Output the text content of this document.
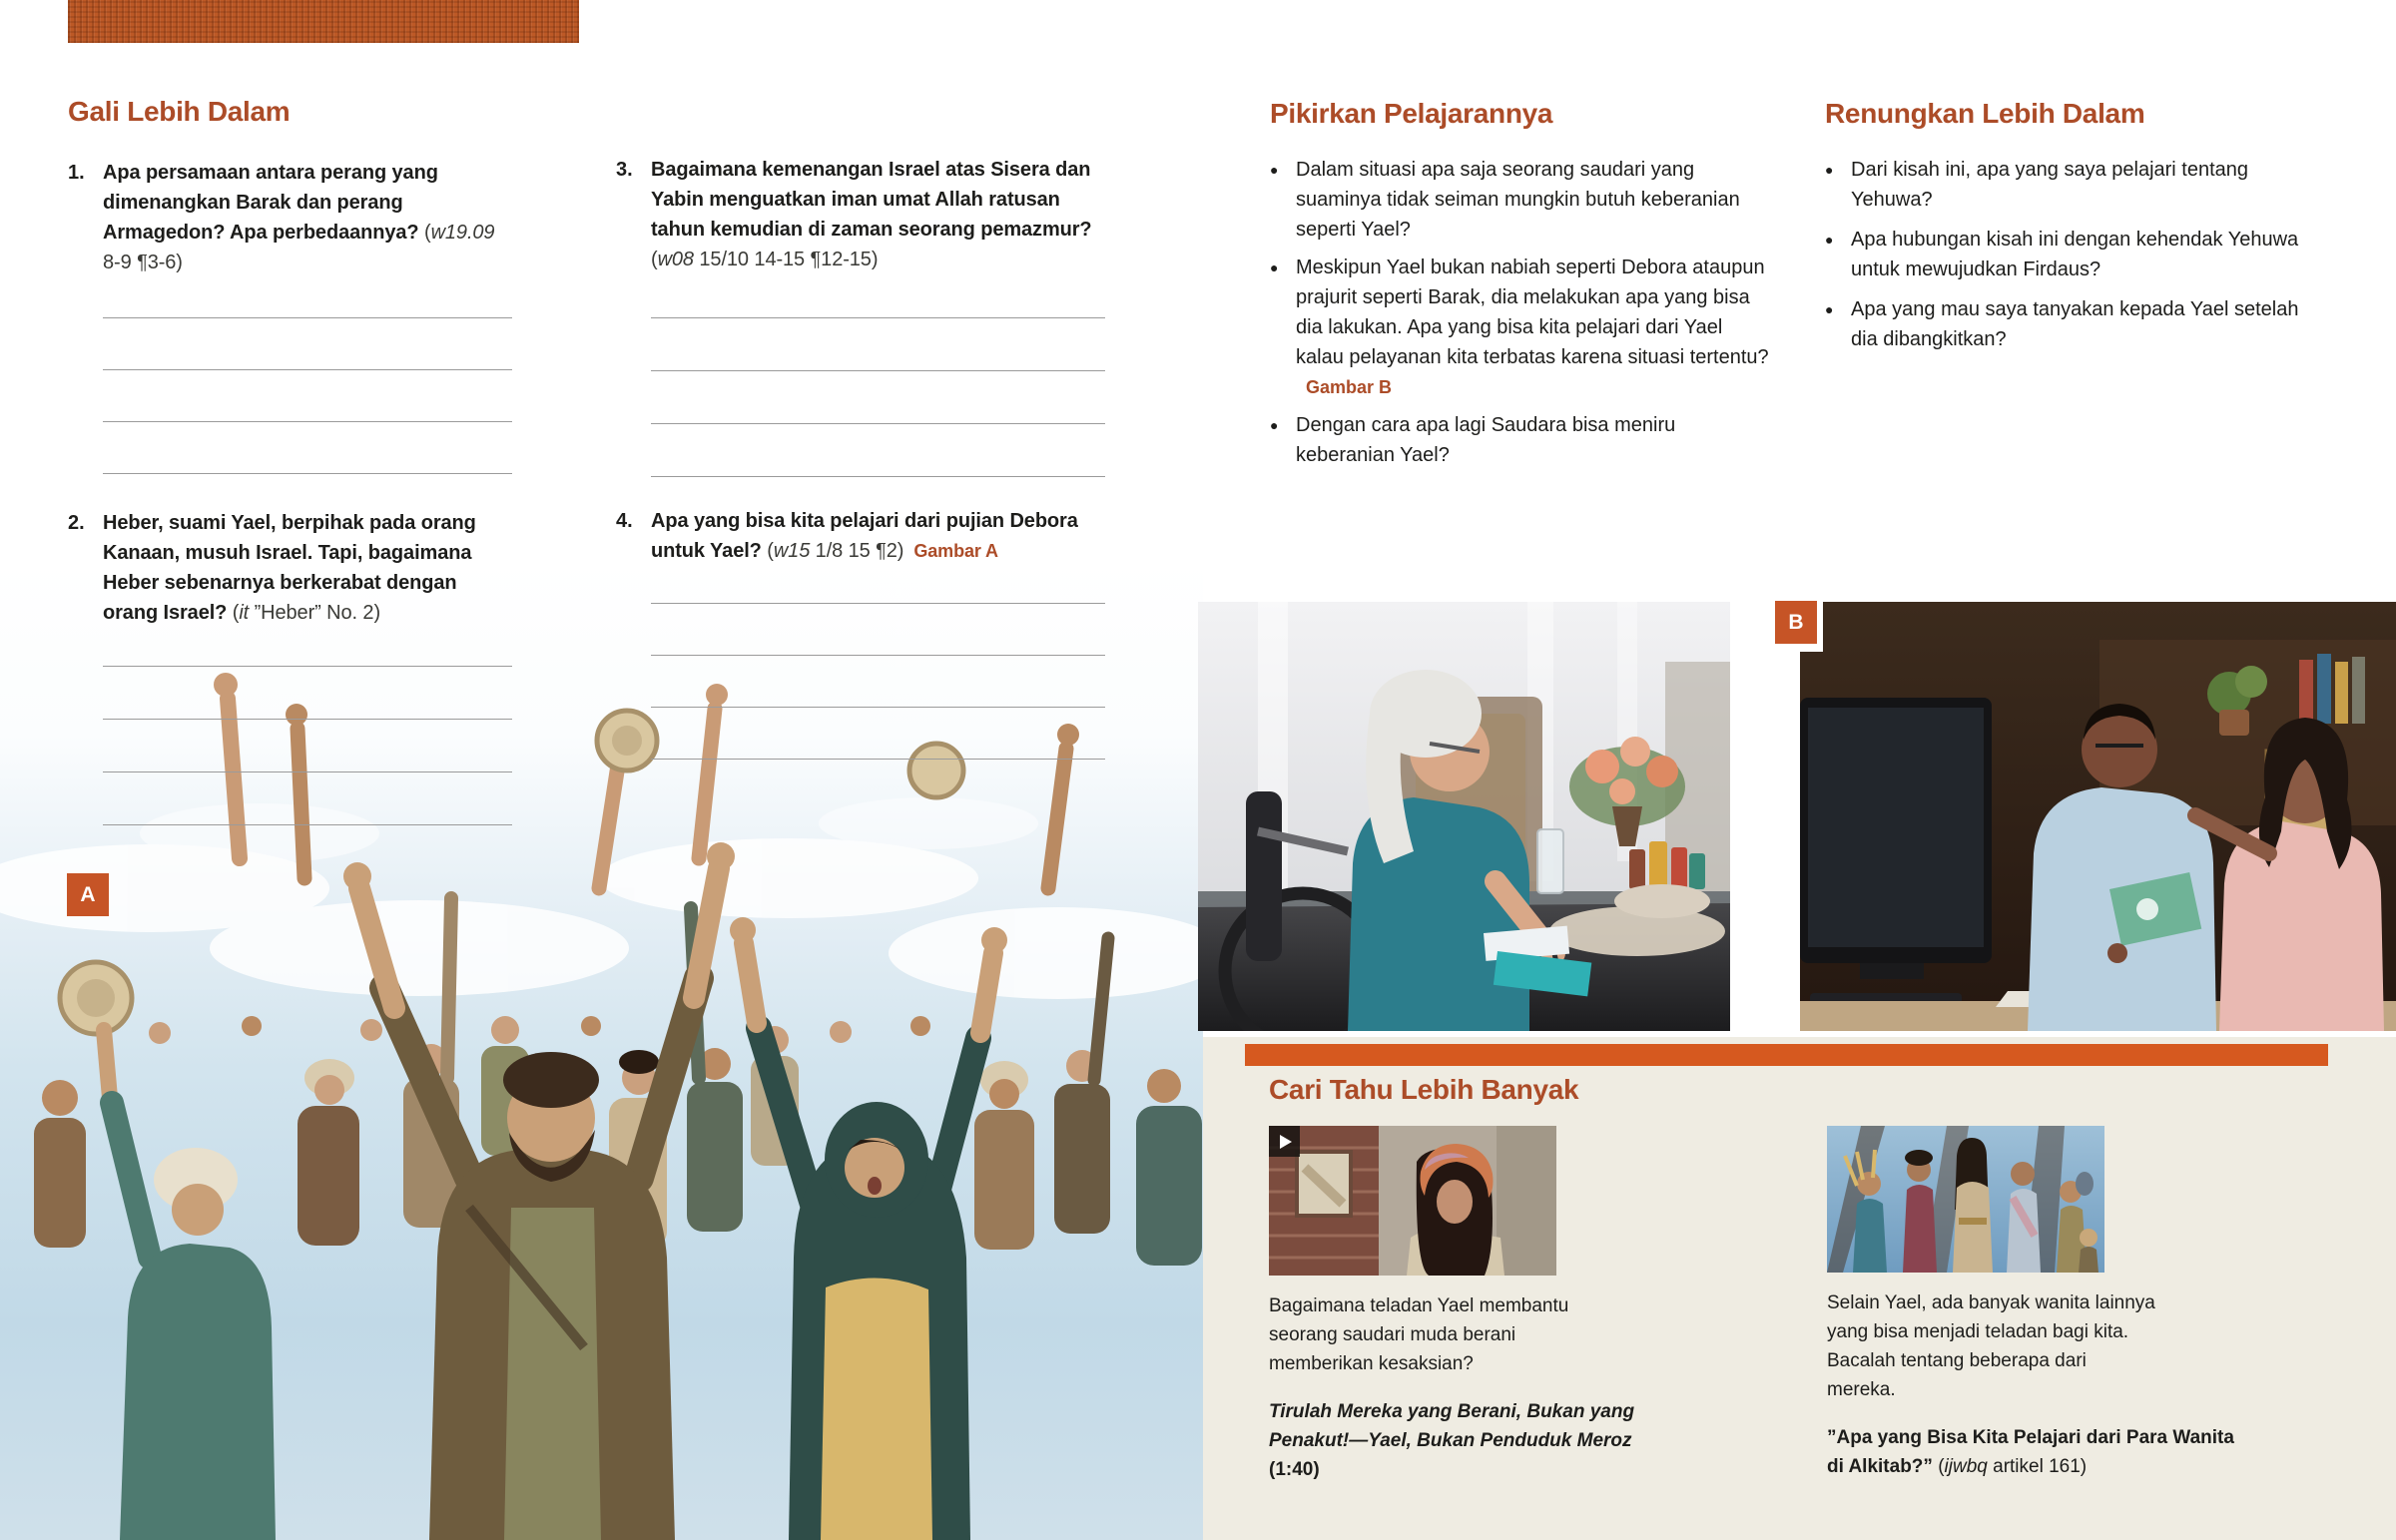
Gali Lebih Dalam
1. Apa persamaan antara perang yang dimenangkan Barak dan perang Armagedon? Apa perbedaannya? (w19.09 8-9 ¶3-6)
2. Heber, suami Yael, berpihak pada orang Kanaan, musuh Israel. Tapi, bagaimana Heber sebenarnya berkerabat dengan orang Israel? (it ”Heber” No. 2)
3. Bagaimana kemenangan Israel atas Sisera dan Yabin menguatkan iman umat Allah ratusan tahun kemudian di zaman seorang pemazmur? (w08 15/10 14-15 ¶12-15)
4. Apa yang bisa kita pelajari dari pujian Debora untuk Yael? (w15 1/8 15 ¶2) Gambar A
A
Pikirkan Pelajarannya
● Dalam situasi apa saja seorang saudari yang suaminya tidak seiman mungkin butuh keberanian seperti Yael?

● Meskipun Yael bukan nabiah seperti Debora ataupun prajurit seperti Barak, dia melakukan apa yang bisa dia lakukan. Apa yang bisa kita pelajari dari Yael kalau pelayanan kita terbatas karena situasi tertentu?Gambar B

● Dengan cara apa lagi Saudara bisa meniru keberanian Yael?

Renungkan Lebih Dalam
● Dari kisah ini, apa yang saya pelajari tentang Yehuwa?

● Apa hubungan kisah ini dengan kehendak Yehuwa untuk mewujudkan Firdaus?

● Apa yang mau saya tanyakan kepada Yael setelah dia dibangkitkan?

B
Cari Tahu Lebih Banyak

Bagaimana teladan Yael membantu seorang saudari muda berani memberikan kesaksian?

Tirulah Mereka yang Berani, Bukan yang Penakut!—Yael, Bukan Penduduk Meroz (1:40)

Selain Yael, ada banyak wanita lainnya yang bisa menjadi teladan bagi kita. Bacalah tentang beberapa dari mereka.

”Apa yang Bisa Kita Pelajari dari Para Wanita di Alkitab?” (ijwbq artikel 161)
